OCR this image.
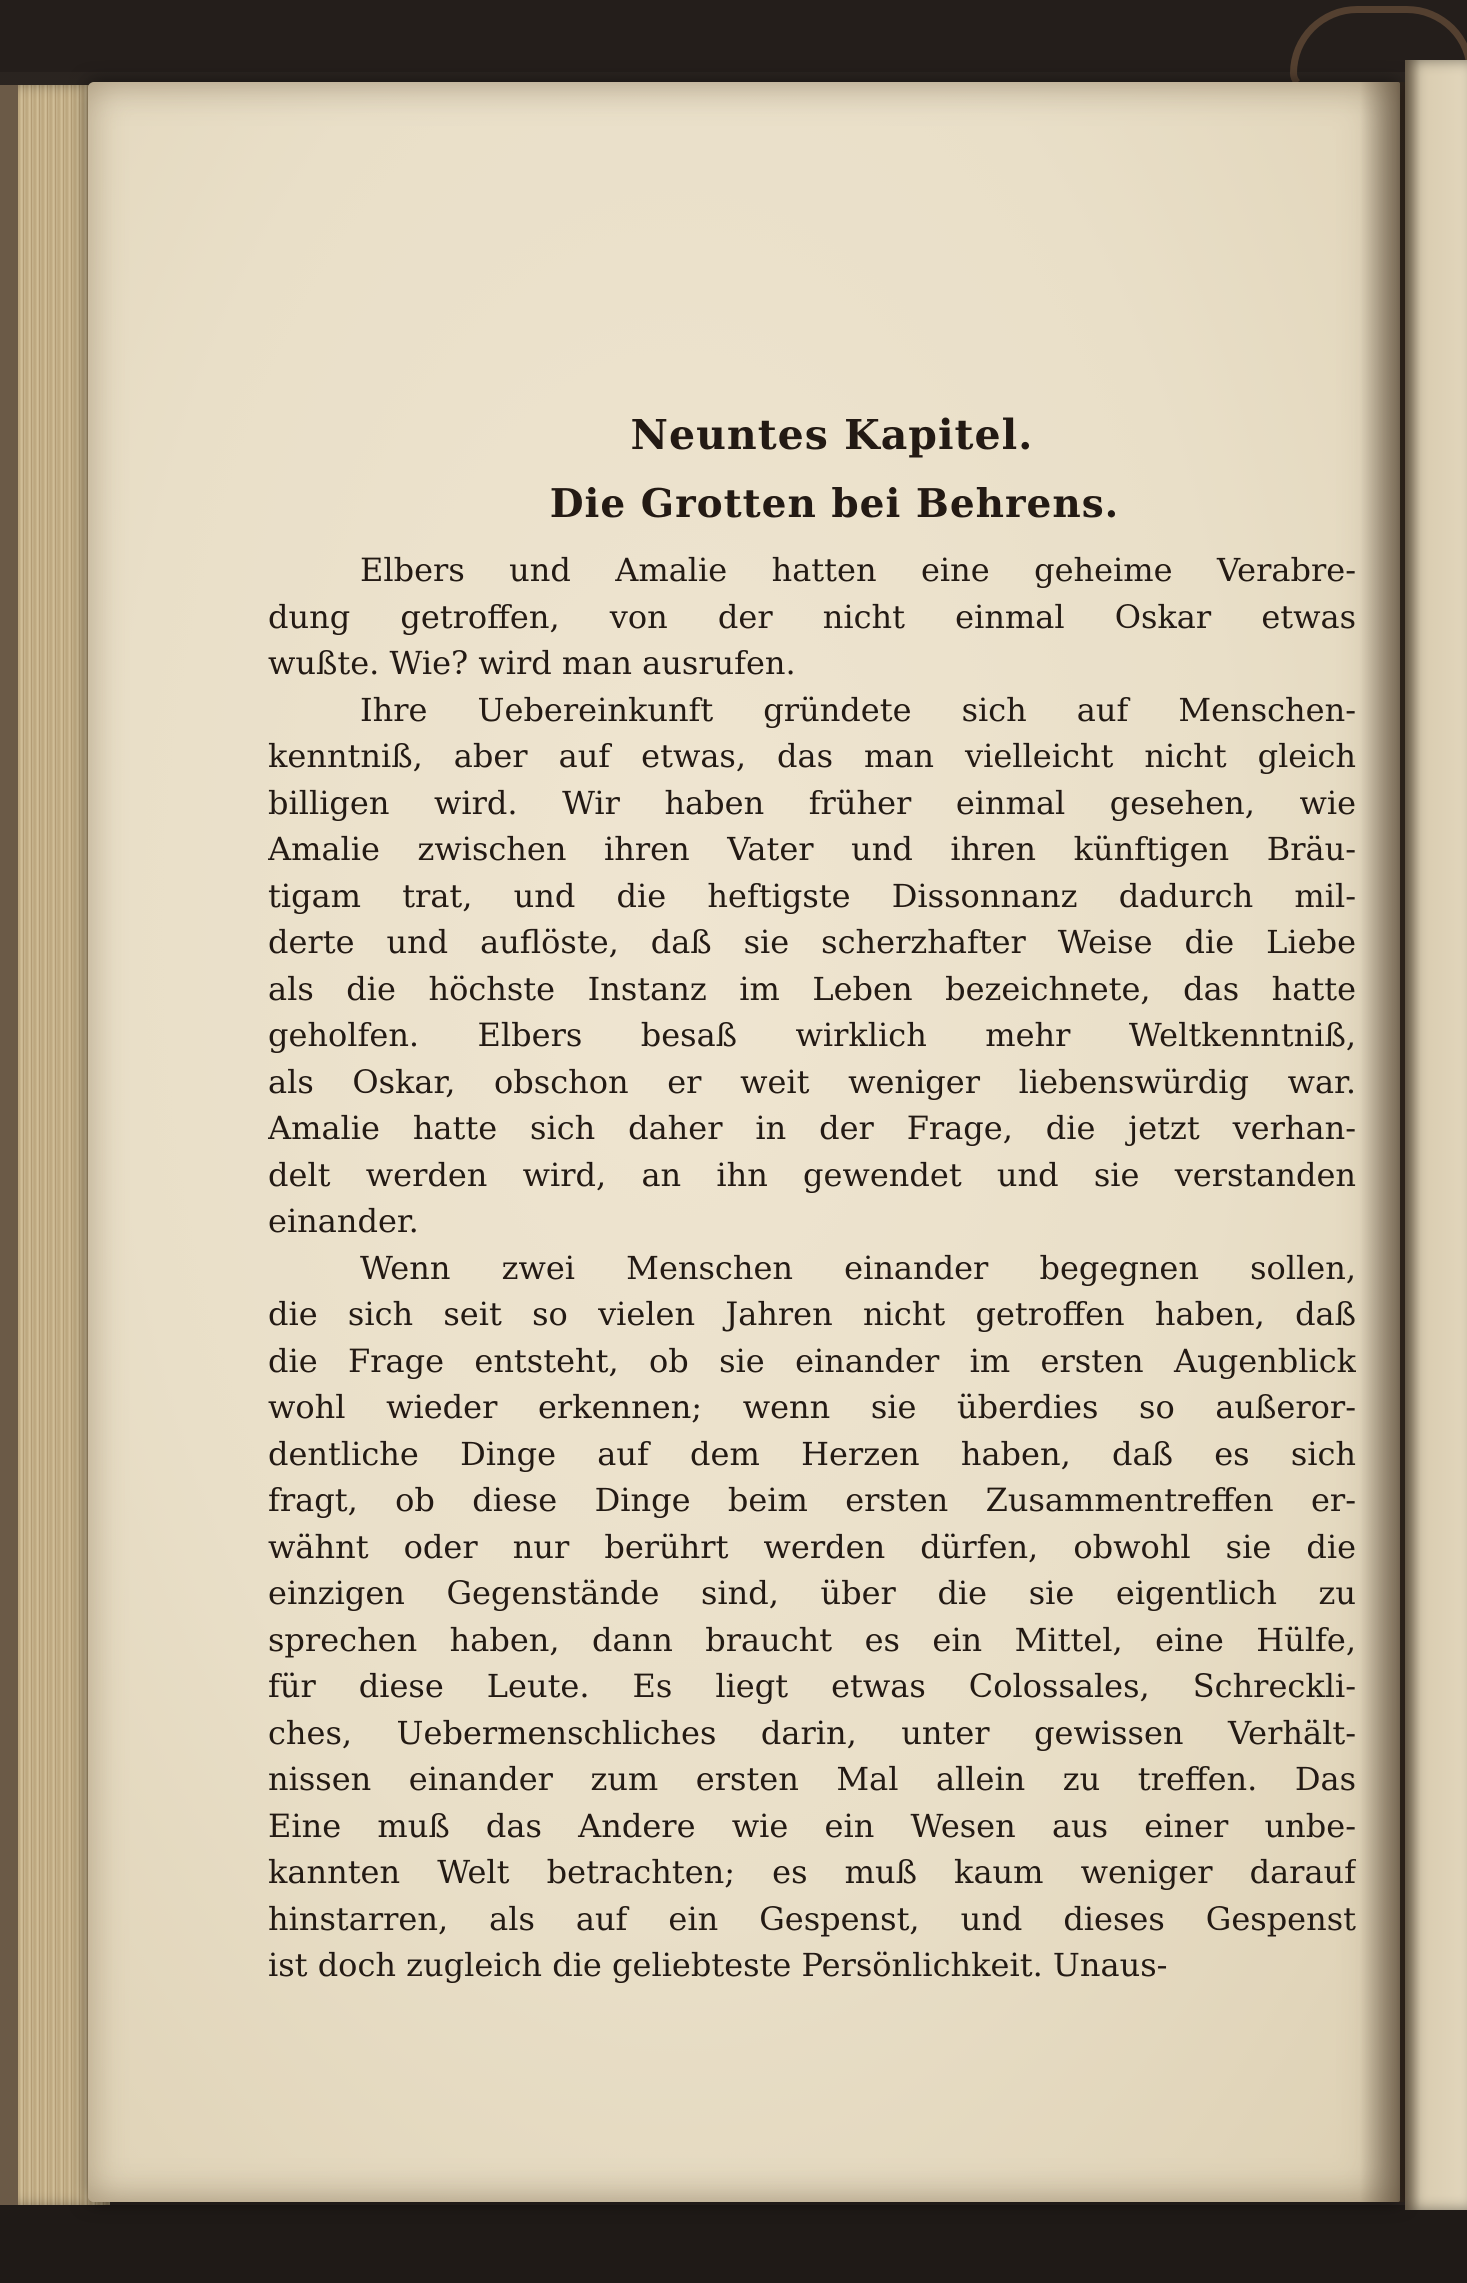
Neuntes Kapitel.
Die Grotten bei Behrens.

Elbers und Amalie hatten eine geheime Verabre-
dung getroffen, von der nicht einmal Oskar etwas
wußte. Wie? wird man ausrufen.

Ihre Uebereinkunft gründete sich auf Menschen-
kenntniß, aber auf etwas, das man vielleicht nicht gleich
billigen wird. Wir haben früher einmal gesehen, wie
Amalie zwischen ihren Vater und ihren künftigen Bräu-
tigam trat, und die heftigste Dissonnanz dadurch mil-
derte und auflöste, daß sie scherzhafter Weise die Liebe
als die höchste Instanz im Leben bezeichnete, das hatte
geholfen. Elbers besaß wirklich mehr Weltkenntniß,
als Oskar, obschon er weit weniger liebenswürdig war.
Amalie hatte sich daher in der Frage, die jetzt verhan-
delt werden wird, an ihn gewendet und sie verstanden
einander.

Wenn zwei Menschen einander begegnen sollen,
die sich seit so vielen Jahren nicht getroffen haben, daß
die Frage entsteht, ob sie einander im ersten Augenblick
wohl wieder erkennen; wenn sie überdies so außeror-
dentliche Dinge auf dem Herzen haben, daß es sich
fragt, ob diese Dinge beim ersten Zusammentreffen er-
wähnt oder nur berührt werden dürfen, obwohl sie die
einzigen Gegenstände sind, über die sie eigentlich zu
sprechen haben, dann braucht es ein Mittel, eine Hülfe,
für diese Leute. Es liegt etwas Colossales, Schreckli-
ches, Uebermenschliches darin, unter gewissen Verhält-
nissen einander zum ersten Mal allein zu treffen. Das
Eine muß das Andere wie ein Wesen aus einer unbe-
kannten Welt betrachten; es muß kaum weniger darauf
hinstarren, als auf ein Gespenst, und dieses Gespenst
ist doch zugleich die geliebteste Persönlichkeit. Unaus-
